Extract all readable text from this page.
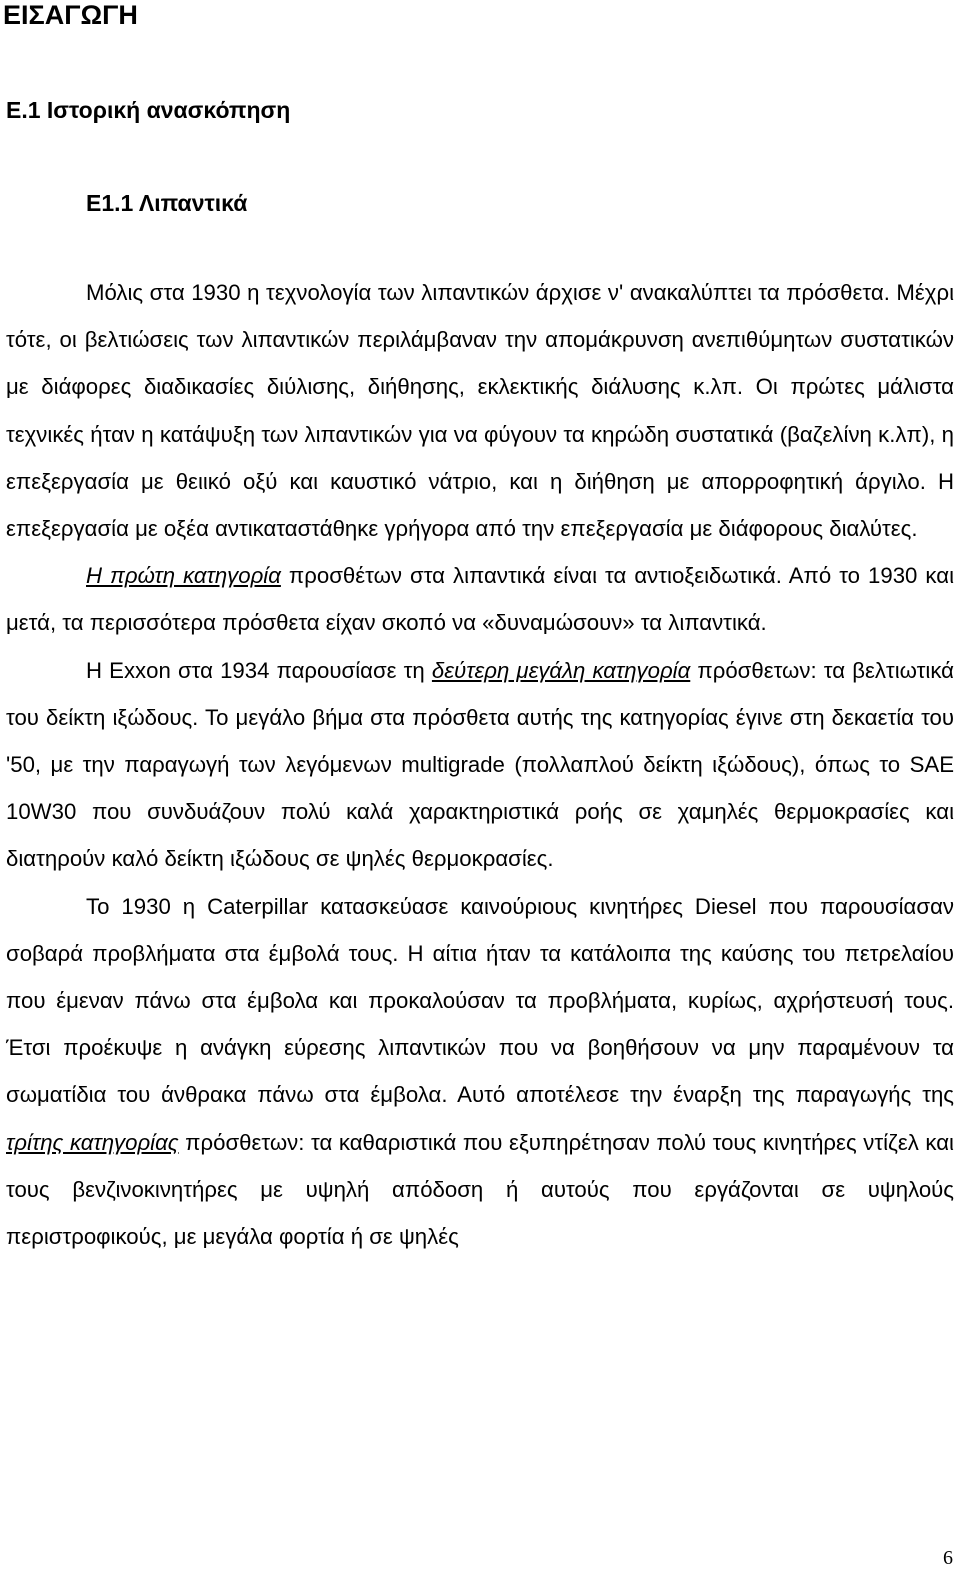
ΕΙΣΑΓΩΓΗ
Ε.1 Ιστορική ανασκόπηση
Ε1.1 Λιπαντικά

Μόλις στα 1930 η τεχνολογία των λιπαντικών άρχισε ν' ανακαλύπτει τα πρόσθετα. Μέχρι τότε, οι βελτιώσεις των λιπαντικών περιλάμβαναν την απομάκρυνση ανεπιθύμητων συστατικών με διάφορες διαδικασίες διύλισης, διήθησης, εκλεκτικής διάλυσης κ.λπ. Οι πρώτες μάλιστα τεχνικές ήταν η κατάψυξη των λιπαντικών για να φύγουν τα κηρώδη συστατικά (βαζελίνη κ.λπ), η επεξεργασία με θειικό οξύ και καυστικό νάτριο, και η διήθηση με απορροφητική άργιλο. Η επεξεργασία με οξέα αντικαταστάθηκε γρήγορα από την επεξεργασία με διάφορους διαλύτες.

Η πρώτη κατηγορία προσθέτων στα λιπαντικά είναι τα αντιοξειδωτικά. Από το 1930 και μετά, τα περισσότερα πρόσθετα είχαν σκοπό να «δυναμώσουν» τα λιπαντικά.

Η Exxon στα 1934 παρουσίασε τη δεύτερη μεγάλη κατηγορία πρόσθετων: τα βελτιωτικά του δείκτη ιξώδους. Το μεγάλο βήμα στα πρόσθετα αυτής της κατηγορίας έγινε στη δεκαετία του '50, με την παραγωγή των λεγόμενων multigrade (πολλαπλού δείκτη ιξώδους), όπως το SAE 10W30 που συνδυάζουν πολύ καλά χαρακτηριστικά ροής σε χαμηλές θερμοκρασίες και διατηρούν καλό δείκτη ιξώδους σε ψηλές θερμοκρασίες.

Το 1930 η Caterpillar κατασκεύασε καινούριους κινητήρες Diesel που παρουσίασαν σοβαρά προβλήματα στα έμβολά τους. Η αίτια ήταν τα κατάλοιπα της καύσης του πετρελαίου που έμεναν πάνω στα έμβολα και προκαλούσαν τα προβλήματα, κυρίως, αχρήστευσή τους. Έτσι προέκυψε η ανάγκη εύρεσης λιπαντικών που να βοηθήσουν να μην παραμένουν τα σωματίδια του άνθρακα πάνω στα έμβολα. Αυτό αποτέλεσε την έναρξη της παραγωγής της τρίτης κατηγορίας πρόσθετων: τα καθαριστικά που εξυπηρέτησαν πολύ τους κινητήρες ντίζελ και τους βενζινοκινητήρες με υψηλή απόδοση ή αυτούς που εργάζονται σε υψηλούς περιστροφικούς, με μεγάλα φορτία ή σε ψηλές

6
